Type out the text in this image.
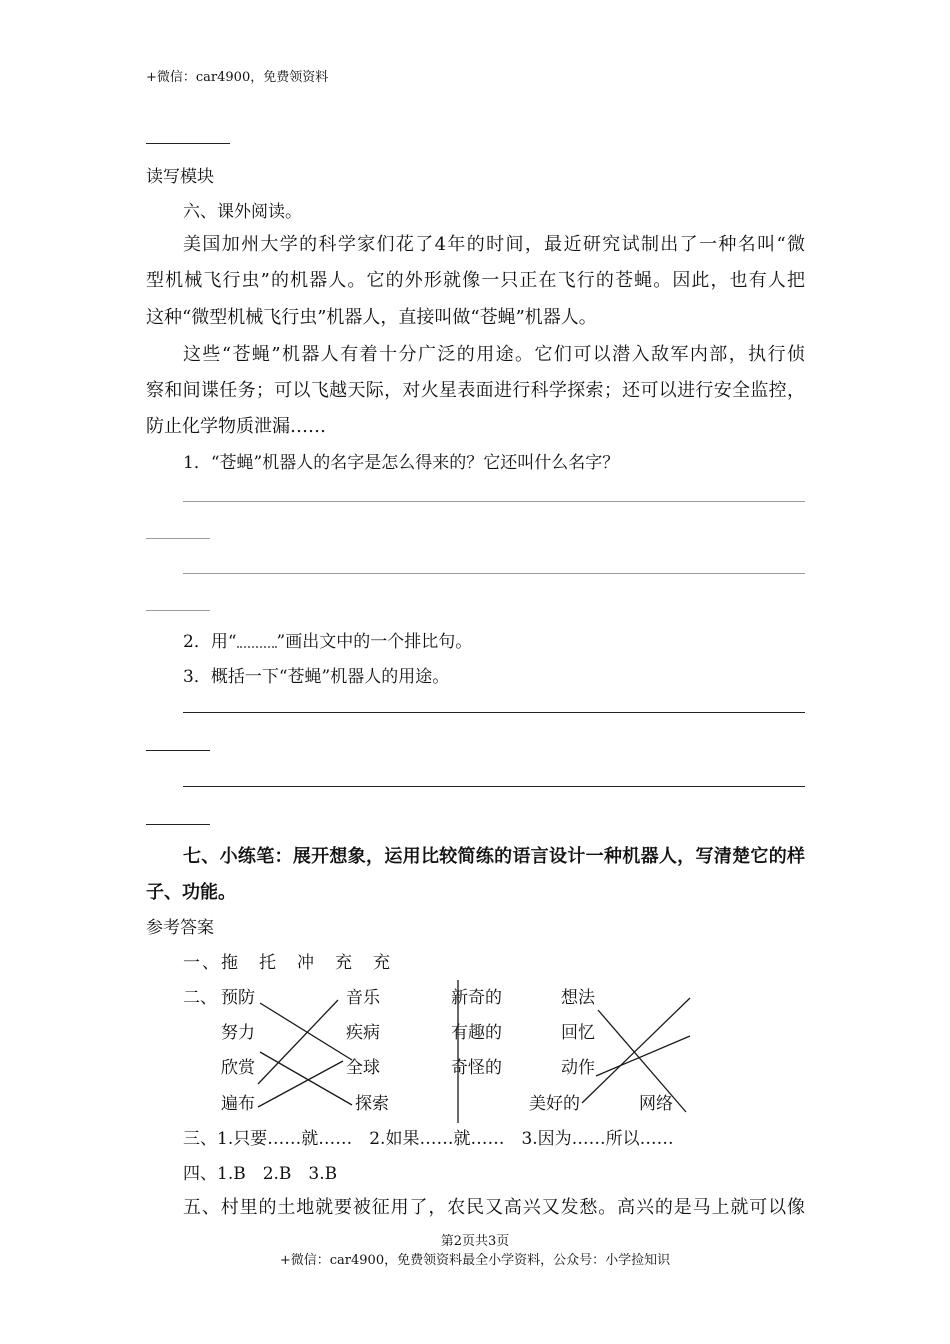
+微信：car4900，免费领资料
读写模块
六、课外阅读。
美国加州大学的科学家们花了4年的时间，最近研究试制出了一种名叫“微
型机械飞行虫”的机器人。它的外形就像一只正在飞行的苍蝇。因此，也有人把
这种“微型机械飞行虫”机器人，直接叫做“苍蝇”机器人。
这些“苍蝇”机器人有着十分广泛的用途。它们可以潜入敌军内部，执行侦
察和间谍任务；可以飞越天际，对火星表面进行科学探索；还可以进行安全监控，
防止化学物质泄漏……
1．“苍蝇”机器人的名字是怎么得来的？它还叫什么名字？
2．用“ ”画出文中的一个排比句。
3．概括一下“苍蝇”机器人的用途。
七、小练笔：展开想象，运用比较简练的语言设计一种机器人，写清楚它的样
子、功能。
参考答案
一、拖　托　冲　充　充
二、 预防
努力
欣赏
遍布
音乐
疾病
全球
探索
新奇的
有趣的
奇怪的
美好的
想法
回忆
动作
网络
三、1.只要……就……　2.如果……就……　3.因为……所以……
四、1.B　2.B　3.B
五、村里的土地就要被征用了，农民又高兴又发愁。高兴的是马上就可以像
第2页共3页
+微信：car4900，免费领资料最全小学资料，公众号：小学捡知识
